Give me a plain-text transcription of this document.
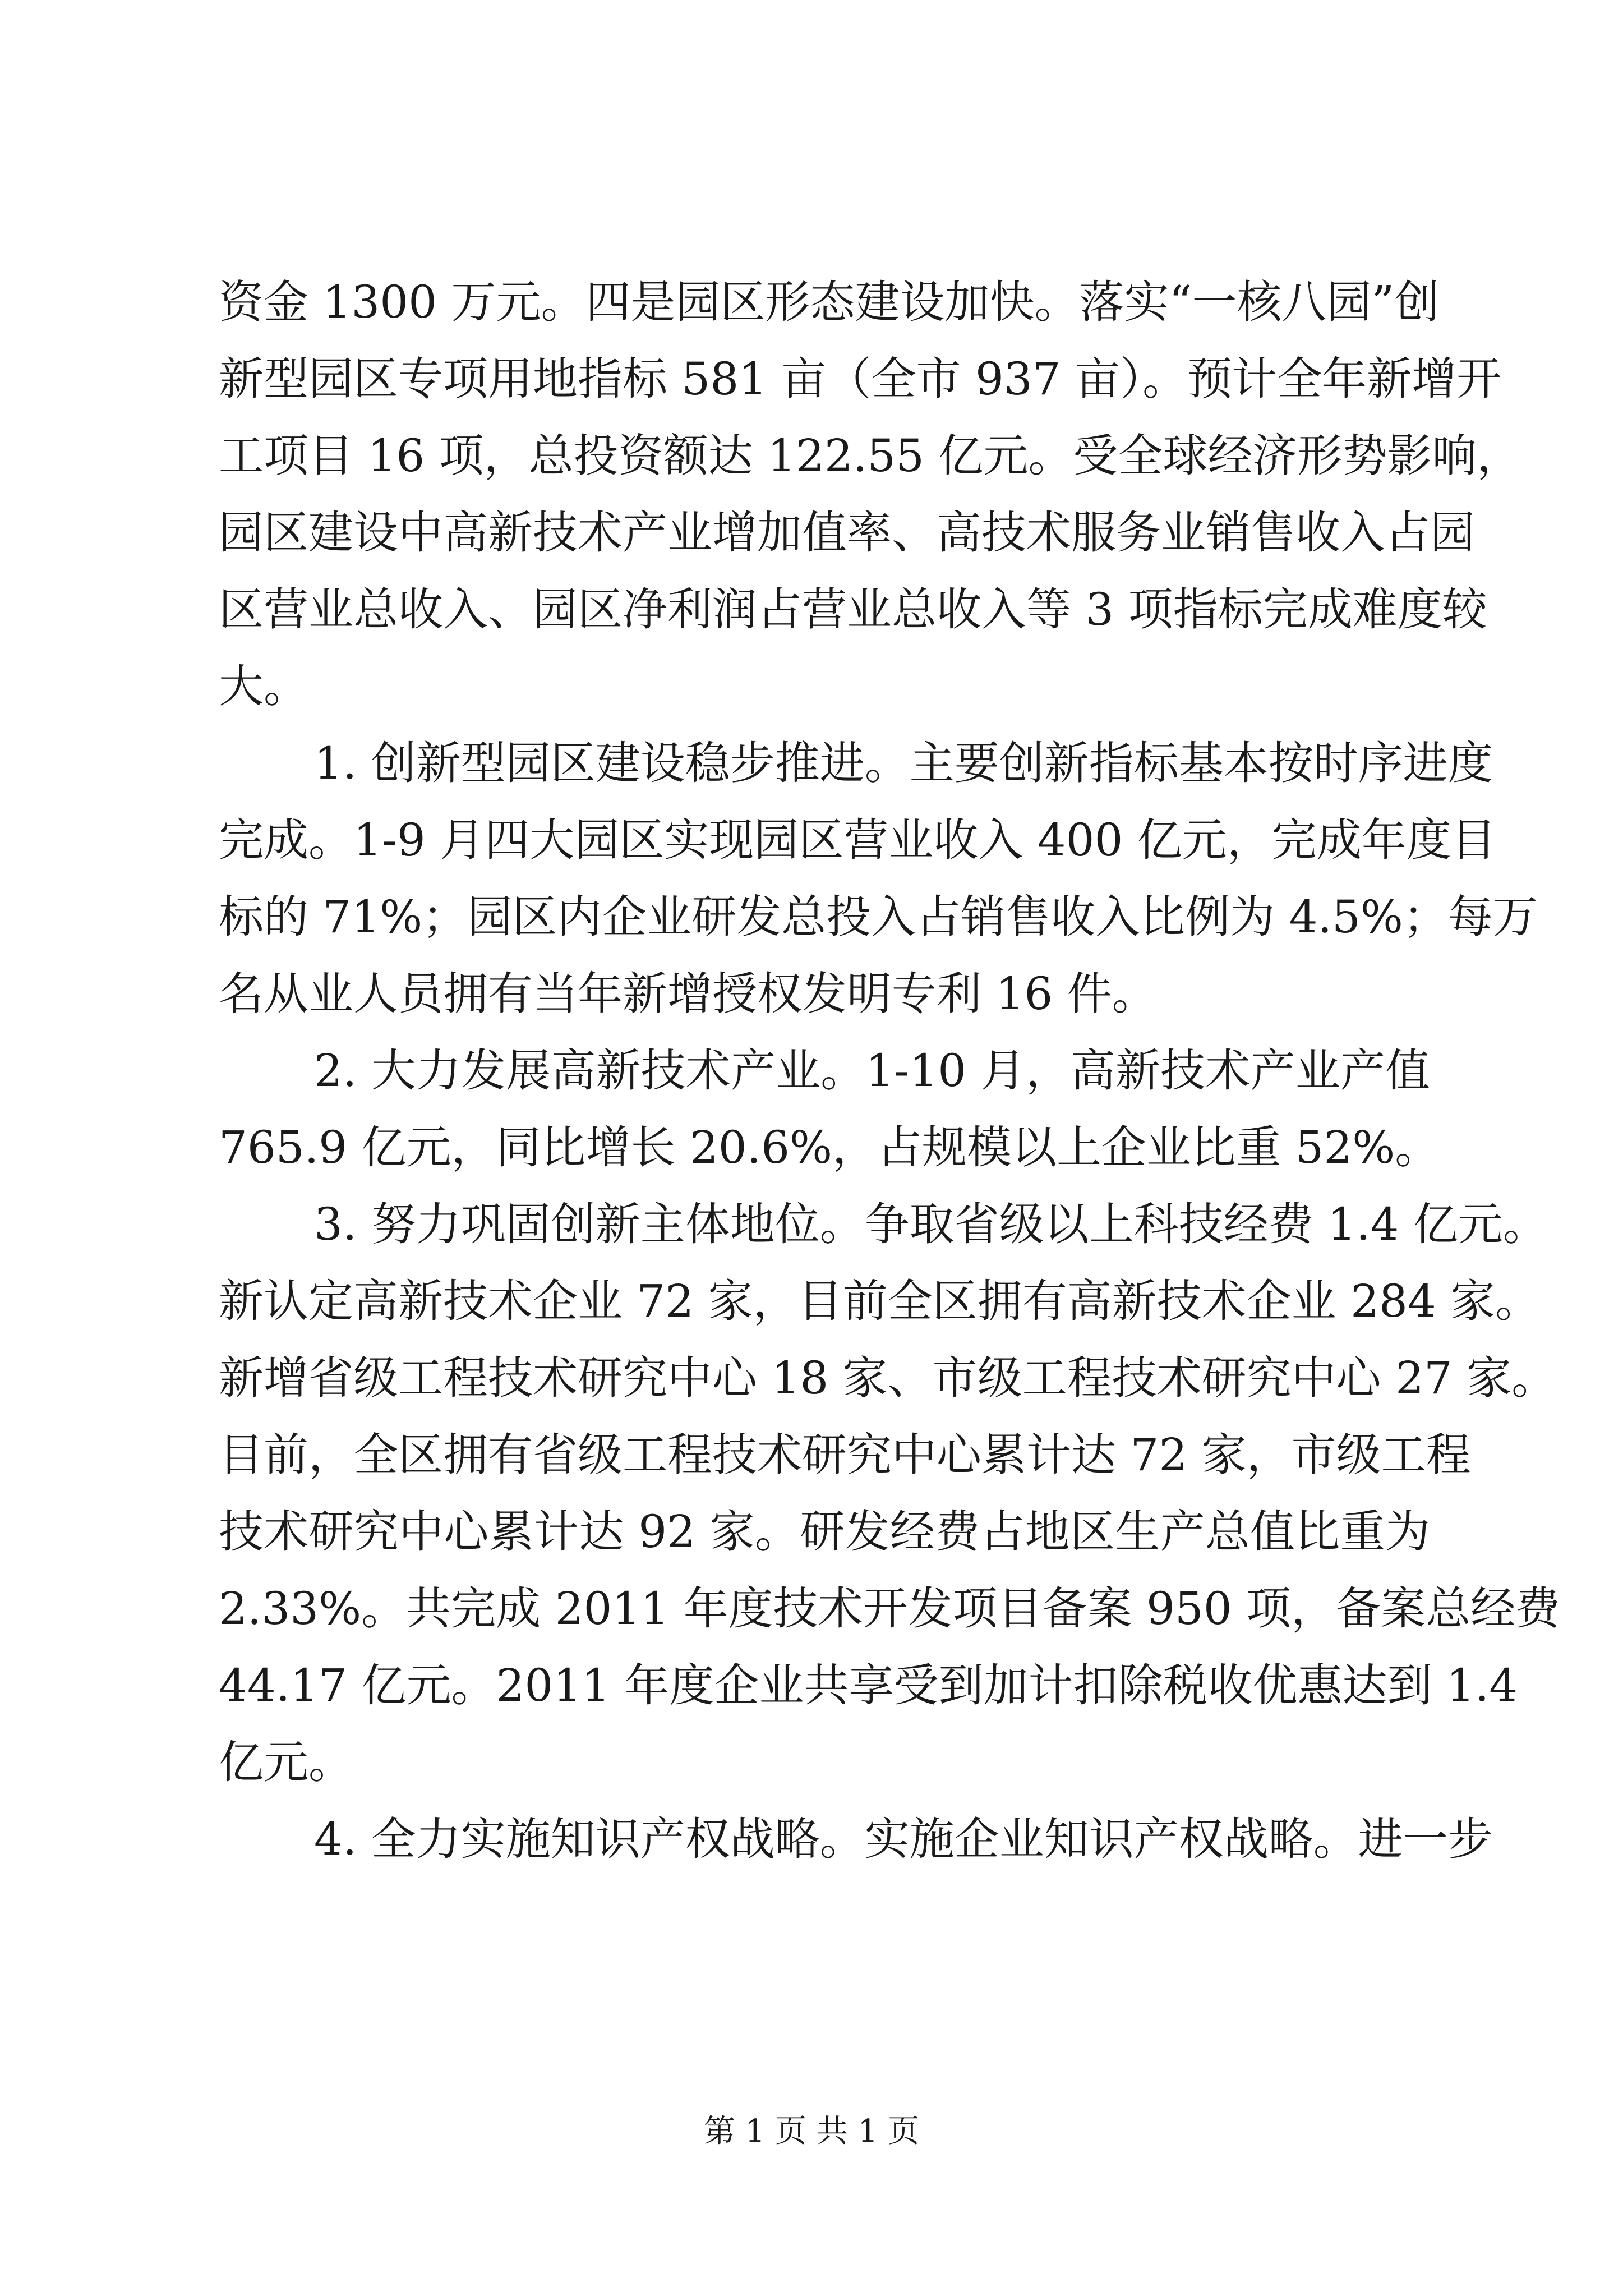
资金 1300 万元。四是园区形态建设加快。落实“一核八园”创
新型园区专项用地指标 581 亩（全市 937 亩）。预计全年新增开
工项目 16 项，总投资额达 122.55 亿元。受全球经济形势影响，
园区建设中高新技术产业增加值率、高技术服务业销售收入占园
区营业总收入、园区净利润占营业总收入等 3 项指标完成难度较
大。
1. 创新型园区建设稳步推进。主要创新指标基本按时序进度
完成。1-9 月四大园区实现园区营业收入 400 亿元，完成年度目
标的 71%；园区内企业研发总投入占销售收入比例为 4.5%；每万
名从业人员拥有当年新增授权发明专利 16 件。
2. 大力发展高新技术产业。1-10 月，高新技术产业产值
765.9 亿元，同比增长 20.6%，占规模以上企业比重 52%。
3. 努力巩固创新主体地位。争取省级以上科技经费 1.4 亿元。
新认定高新技术企业 72 家，目前全区拥有高新技术企业 284 家。
新增省级工程技术研究中心 18 家、市级工程技术研究中心 27 家。
目前，全区拥有省级工程技术研究中心累计达 72 家，市级工程
技术研究中心累计达 92 家。研发经费占地区生产总值比重为
2.33%。共完成 2011 年度技术开发项目备案 950 项，备案总经费
44.17 亿元。2011 年度企业共享受到加计扣除税收优惠达到 1.4
亿元。
4. 全力实施知识产权战略。实施企业知识产权战略。进一步
第 1 页 共 1 页
